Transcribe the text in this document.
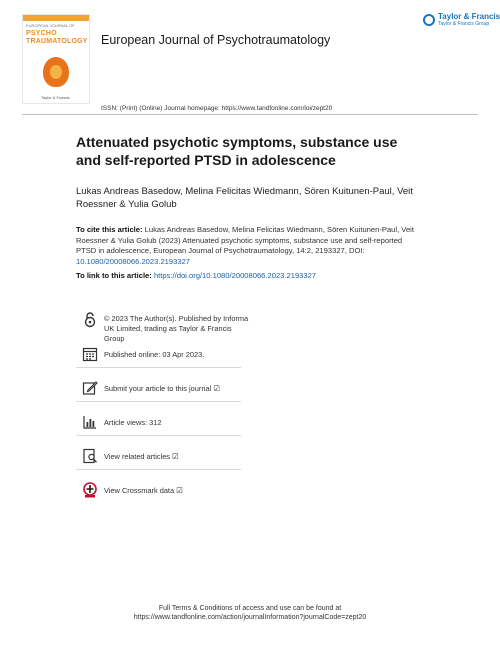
EUROPEAN JOURNAL OF
PSYCHO
TRAUMATOLOGY
Taylor & Francis
Taylor & Francis
Taylor & Francis Group
European Journal of Psychotraumatology
ISSN: (Print) (Online) Journal homepage: https://www.tandfonline.com/loi/zept20
Attenuated psychotic symptoms, substance use and self-reported PTSD in adolescence
Lukas Andreas Basedow, Melina Felicitas Wiedmann, Sören Kuitunen-Paul, Veit Roessner & Yulia Golub
To cite this article: Lukas Andreas Basedow, Melina Felicitas Wiedmann, Sören Kuitunen-Paul, Veit Roessner & Yulia Golub (2023) Attenuated psychotic symptoms, substance use and self-reported PTSD in adolescence, European Journal of Psychotraumatology, 14:2, 2193327, DOI: 10.1080/20008066.2023.2193327
To link to this article: https://doi.org/10.1080/20008066.2023.2193327
© 2023 The Author(s). Published by Informa UK Limited, trading as Taylor & Francis Group
Published online: 03 Apr 2023.
Submit your article to this journal ☑
Article views: 312
View related articles ☑
View Crossmark data ☑
Full Terms & Conditions of access and use can be found at
https://www.tandfonline.com/action/journalInformation?journalCode=zept20
